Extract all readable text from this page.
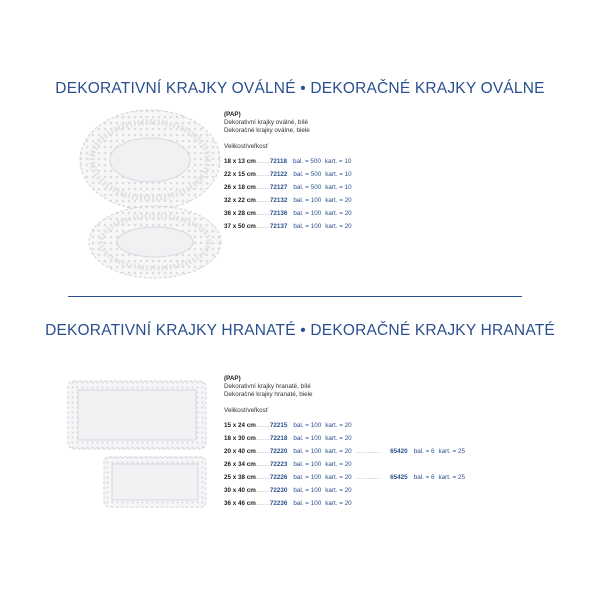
DEKORATIVNÍ KRAJKY OVÁLNÉ • DEKORAČNÉ KRAJKY OVÁLNE
(PAP)
Dekorativní krajky oválné, bílé
Dekoračné krajky oválne, biele
Velikost/veľkosť
18 x 13 cm ........ 72118 bal. = 500 kart. = 10
22 x 15 cm ........ 72122 bal. = 500 kart. = 10
26 x 18 cm ........ 72127 bal. = 500 kart. = 10
32 x 22 cm ........ 72132 bal. = 100 kart. = 20
36 x 28 cm ........ 72136 bal. = 100 kart. = 20
37 x 50 cm ........ 72137 bal. = 100 kart. = 20
DEKORATIVNÍ KRAJKY HRANATÉ • DEKORAČNÉ KRAJKY HRANATÉ
(PAP)
Dekorativní krajky hranaté, bílé
Dekoračné krajky hranaté, biele
Velikost/veľkosť
15 x 24 cm ........ 72215 bal. = 100 kart. = 20
18 x 30 cm ........ 72218 bal. = 100 kart. = 20
20 x 40 cm ........ 72220 bal. = 100 kart. = 20 .............. 65420 bal. = 6 kart. = 25
26 x 34 cm ........ 72223 bal. = 100 kart. = 20
25 x 38 cm ........ 72226 bal. = 100 kart. = 20 .............. 65425 bal. = 6 kart. = 25
30 x 40 cm ........ 72230 bal. = 100 kart. = 20
36 x 46 cm ........ 72236 bal. = 100 kart. = 20
